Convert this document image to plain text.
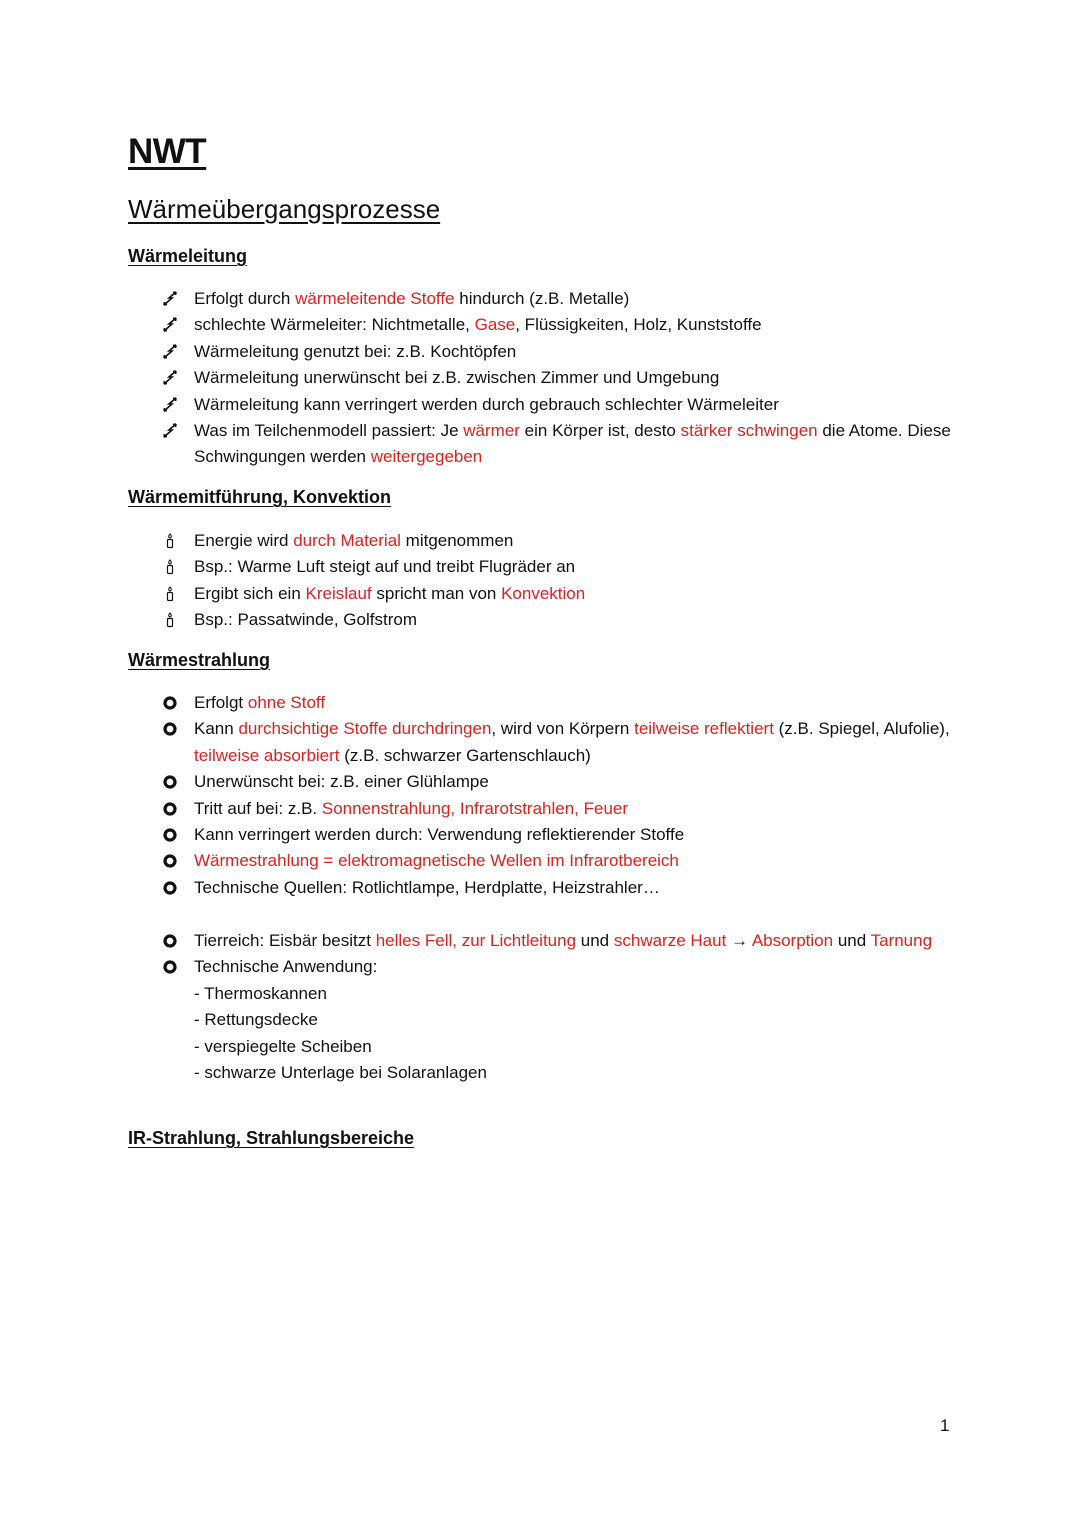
NWT
Wärmeübergangsprozesse
Wärmeleitung
Erfolgt durch wärmeleitende Stoffe hindurch (z.B. Metalle)
schlechte Wärmeleiter: Nichtmetalle, Gase, Flüssigkeiten, Holz, Kunststoffe
Wärmeleitung genutzt bei: z.B. Kochtöpfen
Wärmeleitung unerwünscht bei z.B. zwischen Zimmer und Umgebung
Wärmeleitung kann verringert werden durch gebrauch schlechter Wärmeleiter
Was im Teilchenmodell passiert: Je wärmer ein Körper ist, desto stärker schwingen die Atome. Diese Schwingungen werden weitergegeben
Wärmemitführung, Konvektion
Energie wird durch Material mitgenommen
Bsp.: Warme Luft steigt auf und treibt Flugräder an
Ergibt sich ein Kreislauf spricht man von Konvektion
Bsp.: Passatwinde, Golfstrom
Wärmestrahlung
Erfolgt ohne Stoff
Kann durchsichtige Stoffe durchdringen, wird von Körpern teilweise reflektiert (z.B. Spiegel, Alufolie), teilweise absorbiert (z.B. schwarzer Gartenschlauch)
Unerwünscht bei: z.B. einer Glühlampe
Tritt auf bei: z.B. Sonnenstrahlung, Infrarotstrahlen, Feuer
Kann verringert werden durch: Verwendung reflektierender Stoffe
Wärmestrahlung = elektromagnetische Wellen im Infrarotbereich
Technische Quellen: Rotlichtlampe, Herdplatte, Heizstrahler…
Tierreich: Eisbär besitzt helles Fell, zur Lichtleitung und schwarze Haut → Absorption und Tarnung
Technische Anwendung:
- Thermoskannen
- Rettungsdecke
- verspiegelte Scheiben
- schwarze Unterlage bei Solaranlagen
IR-Strahlung, Strahlungsbereiche
1
